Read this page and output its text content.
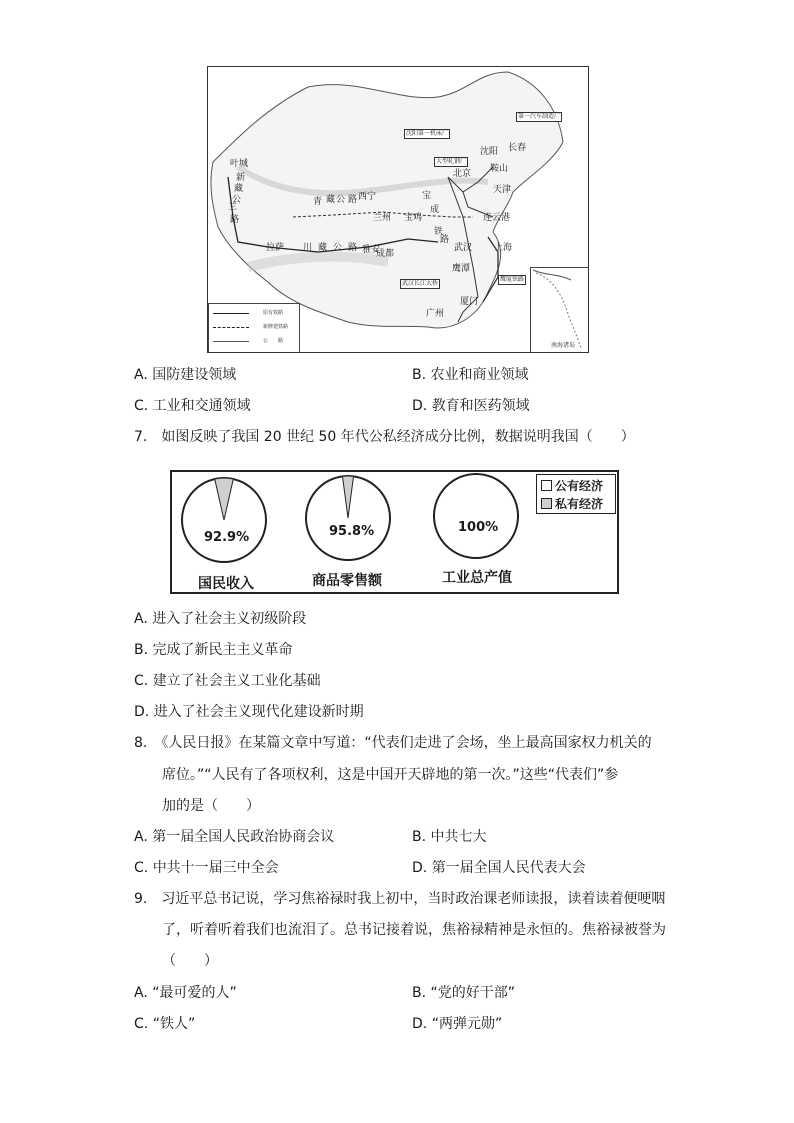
叶城
兰
拉萨 川 藏 公 路
西宁
兰州 宝鸡
成都
雅安
北京
沈阳 长春
鞍山
天津
连云港
武汉 上海
鹰潭
厦门
广州
新
藏
公
路
青 藏 公 路	宝
成
铁
路
沈阳第一机床厂
第一汽车制造厂
大型轧钢厂
武汉长江大桥
鹰厦铁路
原有铁路
新修建铁路
公　　路
南海诸岛
A. 国防建设领域	B. 农业和商业领域
C. 工业和交通领域	D. 教育和医药领域
7.　如图反映了我国 20 世纪 50 年代公私经济成分比例，数据说明我国（　　）
92.9%	95.8%	100%
国民收入	商品零售额	工业总产值
公有经济
私有经济
A. 进入了社会主义初级阶段
B. 完成了新民主主义革命
C. 建立了社会主义工业化基础
D. 进入了社会主义现代化建设新时期
8.　《人民日报》在某篇文章中写道：“代表们走进了会场，坐上最高国家权力机关的
席位。”“人民有了各项权利，这是中国开天辟地的第一次。”这些“代表们”参
加的是（　　）
A. 第一届全国人民政治协商会议	B. 中共七大
C. 中共十一届三中全会	D. 第一届全国人民代表大会
9.　习近平总书记说，学习焦裕禄时我上初中，当时政治课老师读报，读着读着便哽咽
了，听着听着我们也流泪了。总书记接着说，焦裕禄精神是永恒的。焦裕禄被誉为
（　　）
A. “最可爱的人”	B. “党的好干部”
C. “铁人”	D. “两弹元勋”
